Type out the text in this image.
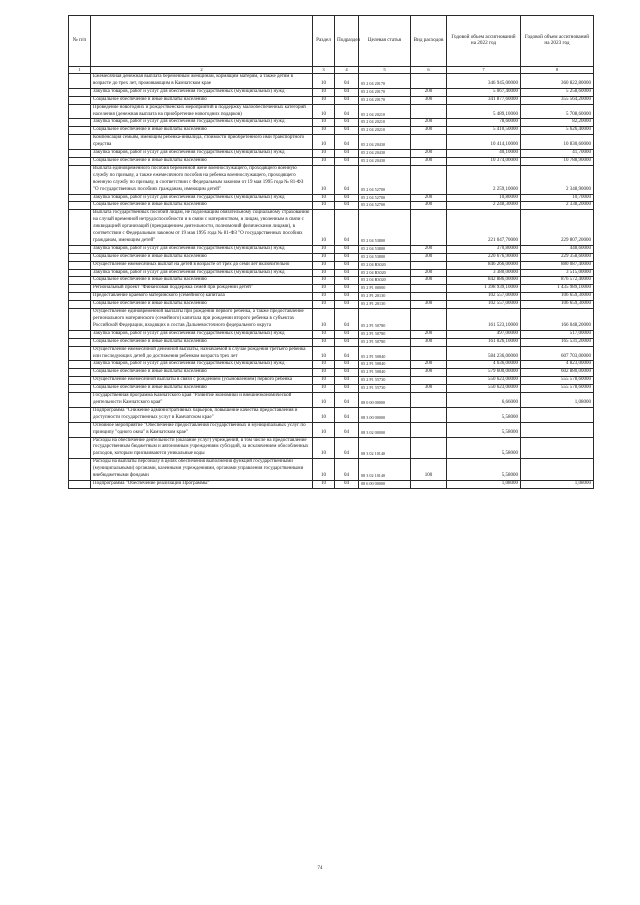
№ п/п		Раздел	Подраздел	Целевая статья	Вид расходов	Годовой объем ассигнований на 2022 год	Годовой объем ассигнований на 2023 год
1	2	3	4	5	6	7	8
	Ежемесячная денежная выплата беременным женщинам, кормящим матерям, а также детям в возрасте до трех лет, проживающим в Камчатском крае	10	04	05 2 04 20170		346 945,00000	360 822,80000
	Закупка товаров, работ и услуг для обеспечения государственных (муниципальных) нужд	10	04	05 2 04 20170	200	5 067,40000	5 258,60000
	Социальное обеспечение и иные выплаты населению	10	04	05 2 04 20170	300	341 877,60000	355 564,20000
	Проведение новогодних и рождественских мероприятий в поддержку малообеспеченных категорий населения (денежная выплата на приобретение новогодних подарков)	10	04	05 2 04 20210		5 489,10000	5 708,60000
	Закупка товаров, работ и услуг для обеспечения государственных (муниципальных) нужд	10	04	05 2 04 20210	200	78,60000	82,20000
	Социальное обеспечение и иные выплаты населению	10	04	05 2 04 20210	300	5 410,50000	5 626,40000
	Компенсация семьям, имеющим ребенка-инвалида, стоимости приобретенного ими транспортного средства	10	04	05 2 04 20430		10 414,10000	10 830,60000
	Закупка товаров, работ и услуг для обеспечения государственных (муниципальных) нужд	10	04	05 2 04 20430	200	40,10000	41,70000
	Социальное обеспечение и иные выплаты населению	10	04	05 2 04 20430	300	10 374,00000	10 788,90000
	Выплата единовременного пособия беременной жене военнослужащего, проходящего военную службу по призыву, а также ежемесячного пособия на ребенка военнослужащего, проходящего военную службу по призыву, в соответствии с Федеральным законом от 19 мая 1995 года № 81-ФЗ "О государственных пособиях гражданам, имеющим детей"	10	04	05 2 04 52700		2 259,10000	2 348,90000
	Закупка товаров, работ и услуг для обеспечения государственных (муниципальных) нужд	10	04	05 2 04 52700	200	10,80000	10,70000
	Социальное обеспечение и иные выплаты населению	10	04	05 2 04 52700	300	2 248,30000	2 338,20000
	Выплата государственных пособий лицам, не подлежащим обязательному социальному страхованию на случай временной нетрудоспособности и в связи с материнством, и лицам, уволенным в связи с ликвидацией организаций (прекращением деятельности, полномочий физическими лицами), в соответствии с Федеральным законом от 19 мая 1995 года № 81-ФЗ "О государственных пособиях гражданам, имеющим детей"	10	04	05 2 04 53800		221 047,70000	229 807,20000
	Закупка товаров, работ и услуг для обеспечения государственных (муниципальных) нужд	10	04	05 2 04 53800	200	370,80000	448,60000
	Социальное обеспечение и иные выплаты населению	10	04	05 2 04 53800	300	220 676,90000	229 358,60000
	Осуществление ежемесячных выплат на детей в возрасте от трех до семи лет включительно	10	04	05 2 04 R3020		846 266,00000	880 087,40000
	Закупка товаров, работ и услуг для обеспечения государственных (муниципальных) нужд	10	04	05 2 04 R3020	200	3 380,00000	3 515,00000
	Социальное обеспечение и иные выплаты населению	10	04	05 2 04 R3020	300	842 886,00000	876 572,40000
	Региональный проект "Финансовая поддержка семей при рождении детей"	10	04	05 2 P1 00000		1 398 939,10000	1 435 989,10000
	Предоставление краевого материнского (семейного) капитала	10	04	05 2 P1 20130		102 557,00000	106 659,30000
	Социальное обеспечение и иные выплаты населению	10	04	05 2 P1 20130	300	102 557,00000	106 659,30000
	Осуществление единовременной выплаты при рождении первого ребенка, а также предоставление регионального материнского (семейного) капитала при рождении второго ребенка в субъектах Российской Федерации, входящих в состав Дальневосточного федерального округа	10	04	05 2 P1 50780		161 523,10000	166 048,20000
	Закупка товаров, работ и услуг для обеспечения государственных (муниципальных) нужд	10	04	05 2 P1 50780	200	497,00000	517,00000
	Социальное обеспечение и иные выплаты населению	10	04	05 2 P1 50780	300	161 026,10000	165 531,20000
	Осуществление ежемесячной денежной выплаты, назначаемой в случае рождения третьего ребенка или последующих детей до достижения ребенком возраста трех лет	10	04	05 2 P1 50840		584 236,00000	607 703,00000
	Закупка товаров, работ и услуг для обеспечения государственных (муниципальных) нужд	10	04	05 2 P1 50840	200	4 636,00000	4 823,00000
	Социальное обеспечение и иные выплаты населению	10	04	05 2 P1 50840	300	579 600,00000	602 880,00000
	Осуществление ежемесячной выплаты в связи с рождением (усыновлением) первого ребенка	10	04	05 2 P1 55730		550 623,00000	555 578,60000
	Социальное обеспечение и иные выплаты населению	10	04	05 2 P1 55730	300	550 623,00000	555 578,60000
	Государственная программа Камчатского края "Развитие экономики и внешнеэкономической деятельности Камчатского края"	10	04	08 0 00 00000		6,66000	1,08000
	Подпрограмма "Снижение административных барьеров, повышение качества предоставления и доступности государственных услуг в Камчатском крае"	10	04	08 3 00 00000		5,58000	
	Основное мероприятие "Обеспечение предоставления государственных и муниципальных услуг по принципу "одного окна" в Камчатском крае"	10	04	08 3 02 00000		5,58000	
	Расходы на обеспечение деятельности (оказание услуг) учреждений, в том числе на предоставление государственным бюджетным и автономным учреждениям субсидий, за исключением обособленных расходов, которым присваиваются уникальные коды	10	04	08 3 02 10140		5,58000	
	Расходы на выплаты персоналу в целях обеспечения выполнения функций государственными (муниципальными) органами, казенными учреждениями, органами управления государственными внебюджетными фондами	10	04	08 3 02 10140	100	5,58000	
	Подпрограмма "Обеспечение реализации Программы"	10	04	08 6 00 00000		1,08000	1,08000
74
